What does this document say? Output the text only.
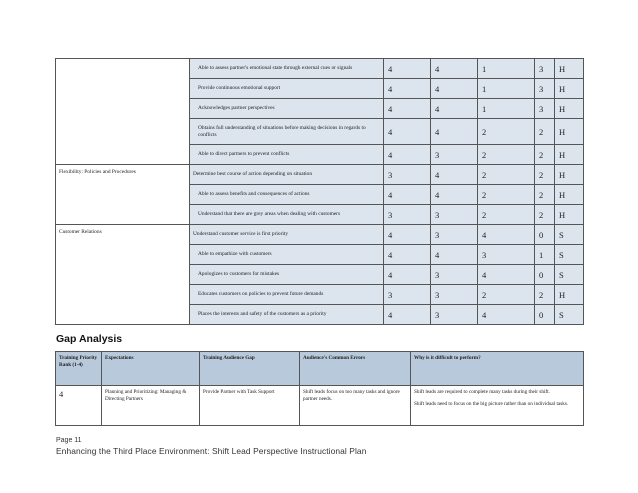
	Able to assess partner's emotional state through external cues or signals	4	4	1	3	H
	Provide continuous emotional support	4	4	1	3	H
	Acknowledges partner perspectives	4	4	1	3	H
	Obtains full understanding of situations before making decisions in regards to conflicts	4	4	2	2	H
	Able to direct partners to prevent conflicts	4	3	2	2	H
Flexibility: Policies and Procedures	Determine best course of action depending on situation	3	4	2	2	H
	Able to assess benefits and consequences of actions	4	4	2	2	H
	Understand that there are grey areas when dealing with customers	3	3	2	2	H
Customer Relations	Understand customer service is first priority	4	3	4	0	S
	Able to empathize with customers	4	4	3	1	S
	Apologizes to customers for mistakes	4	3	4	0	S
	Educates customers on policies to prevent future demands	3	3	2	2	H
	Places the interests and safety of the customers as a priority	4	3	4	0	S
Gap Analysis
Training Priority Rank (1-4)	Expectations	Training Audience Gap	Audience's Common Errors	Why is it difficult to perform?
4	Planning and Prioritizing: Managing & Directing Partners	Provide Partner with Task Support	Shift leads focus on too many tasks and ignore partner needs.	Shift leads are required to complete many tasks during their shift.

Shift leads need to focus on the big picture rather than on individual tasks.

Page 11
Enhancing the Third Place Environment: Shift Lead Perspective Instructional Plan
